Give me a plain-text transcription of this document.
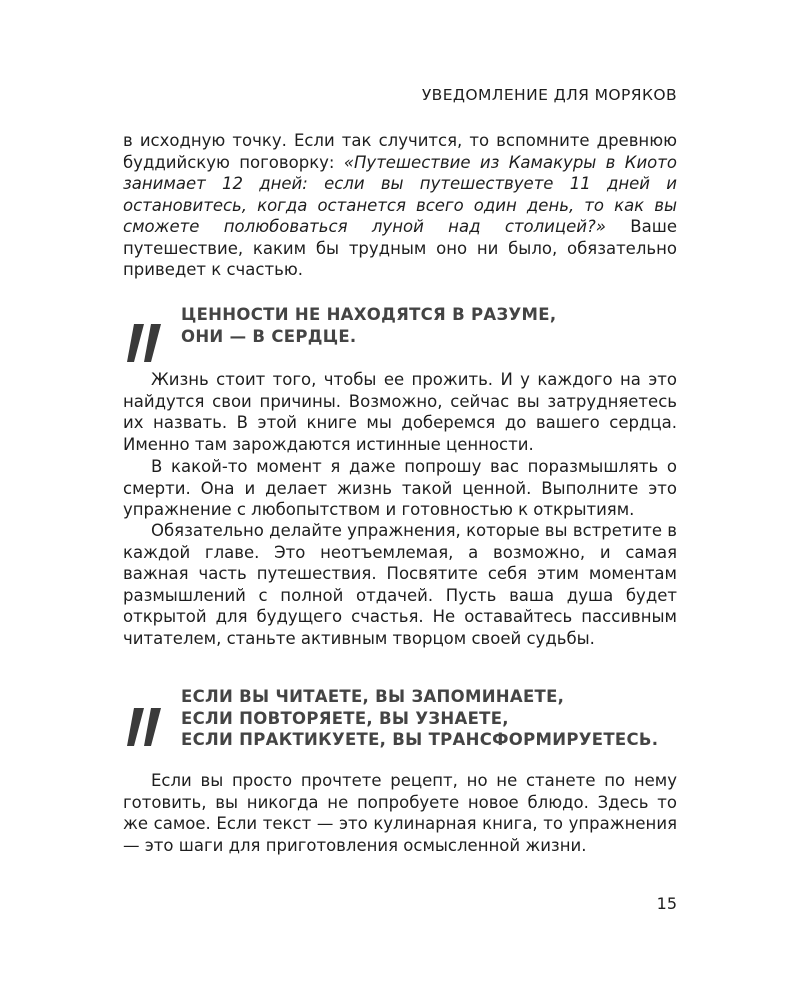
УВЕДОМЛЕНИЕ ДЛЯ МОРЯКОВ

в исходную точку. Если так случится, то вспомните древнюю буддийскую поговорку: «Путешествие из Камакуры в Киото занимает 12 дней: если вы путешествуете 11 дней и остановитесь, когда останется всего один день, то как вы сможете полюбоваться луной над столицей?» Ваше путешествие, каким бы трудным оно ни было, обязательно приведет к счастью.

ЦЕННОСТИ НЕ НАХОДЯТСЯ В РАЗУМЕ,
ОНИ — В СЕРДЦЕ.

Жизнь стоит того, чтобы ее прожить. И у каждого на это найдутся свои причины. Возможно, сейчас вы затрудняетесь их назвать. В этой книге мы доберемся до вашего сердца. Именно там зарождаются истинные ценности.

В какой-то момент я даже попрошу вас поразмышлять о смерти. Она и делает жизнь такой ценной. Выполните это упражнение с любопытством и готовностью к открытиям.

Обязательно делайте упражнения, которые вы встретите в каждой главе. Это неотъемлемая, а возможно, и самая важная часть путешествия. Посвятите себя этим моментам размышлений с полной отдачей. Пусть ваша душа будет открытой для будущего счастья. Не оставайтесь пассивным читателем, станьте активным творцом своей судьбы.

ЕСЛИ ВЫ ЧИТАЕТЕ, ВЫ ЗАПОМИНАЕТЕ,
ЕСЛИ ПОВТОРЯЕТЕ, ВЫ УЗНАЕТЕ,
ЕСЛИ ПРАКТИКУЕТЕ, ВЫ ТРАНСФОРМИРУЕТЕСЬ.

Если вы просто прочтете рецепт, но не станете по нему готовить, вы никогда не попробуете новое блюдо. Здесь то же самое. Если текст — это кулинарная книга, то упражнения — это шаги для приготовления осмысленной жизни.

15
